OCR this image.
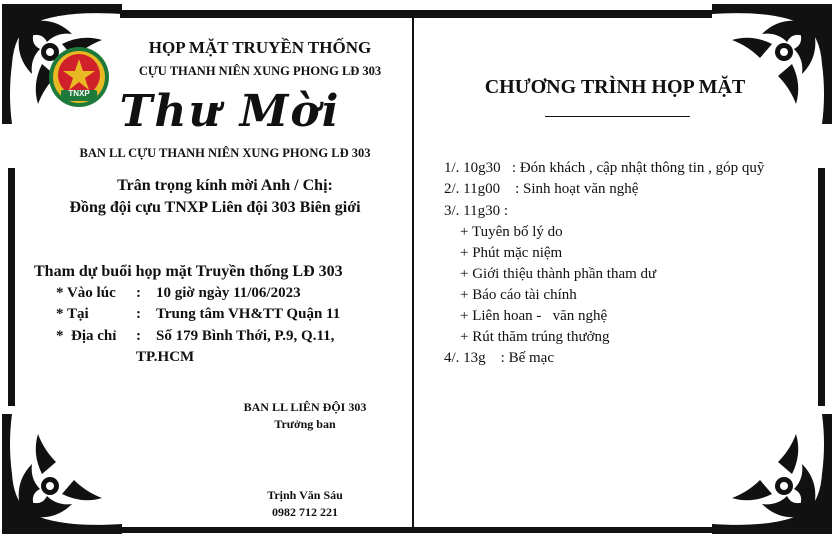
TNXP
HỌP MẶT TRUYỀN THỐNG
CỰU THANH NIÊN XUNG PHONG LĐ 303
Thư Mời
BAN LL CỰU THANH NIÊN XUNG PHONG LĐ 303
Trân trọng kính mời Anh / Chị:
Đồng đội cựu TNXP Liên đội 303 Biên giới
Tham dự buổi họp mặt Truyền thống LĐ 303
* Vào lúc : 10 giờ ngày 11/06/2023
* Tại	: Trung tâm VH&TT Quận 11
*  Địa chỉ : Số 179 Bình Thới, P.9, Q.11,
TP.HCM
BAN LL LIÊN ĐỘI 303
Trưởng ban
Trịnh Văn Sáu
0982 712 221
CHƯƠNG TRÌNH HỌP MẶT
1/. 10g30   : Đón khách , cập nhật thông tin , góp quỹ
2/. 11g00    : Sinh hoạt văn nghệ
3/. 11g30 :
+ Tuyên bố lý do
+ Phút mặc niệm
+ Giới thiệu thành phần tham dư
+ Báo cáo tài chính
+ Liên hoan -   văn nghệ
+ Rút thăm trúng thưởng
4/. 13g    : Bế mạc
